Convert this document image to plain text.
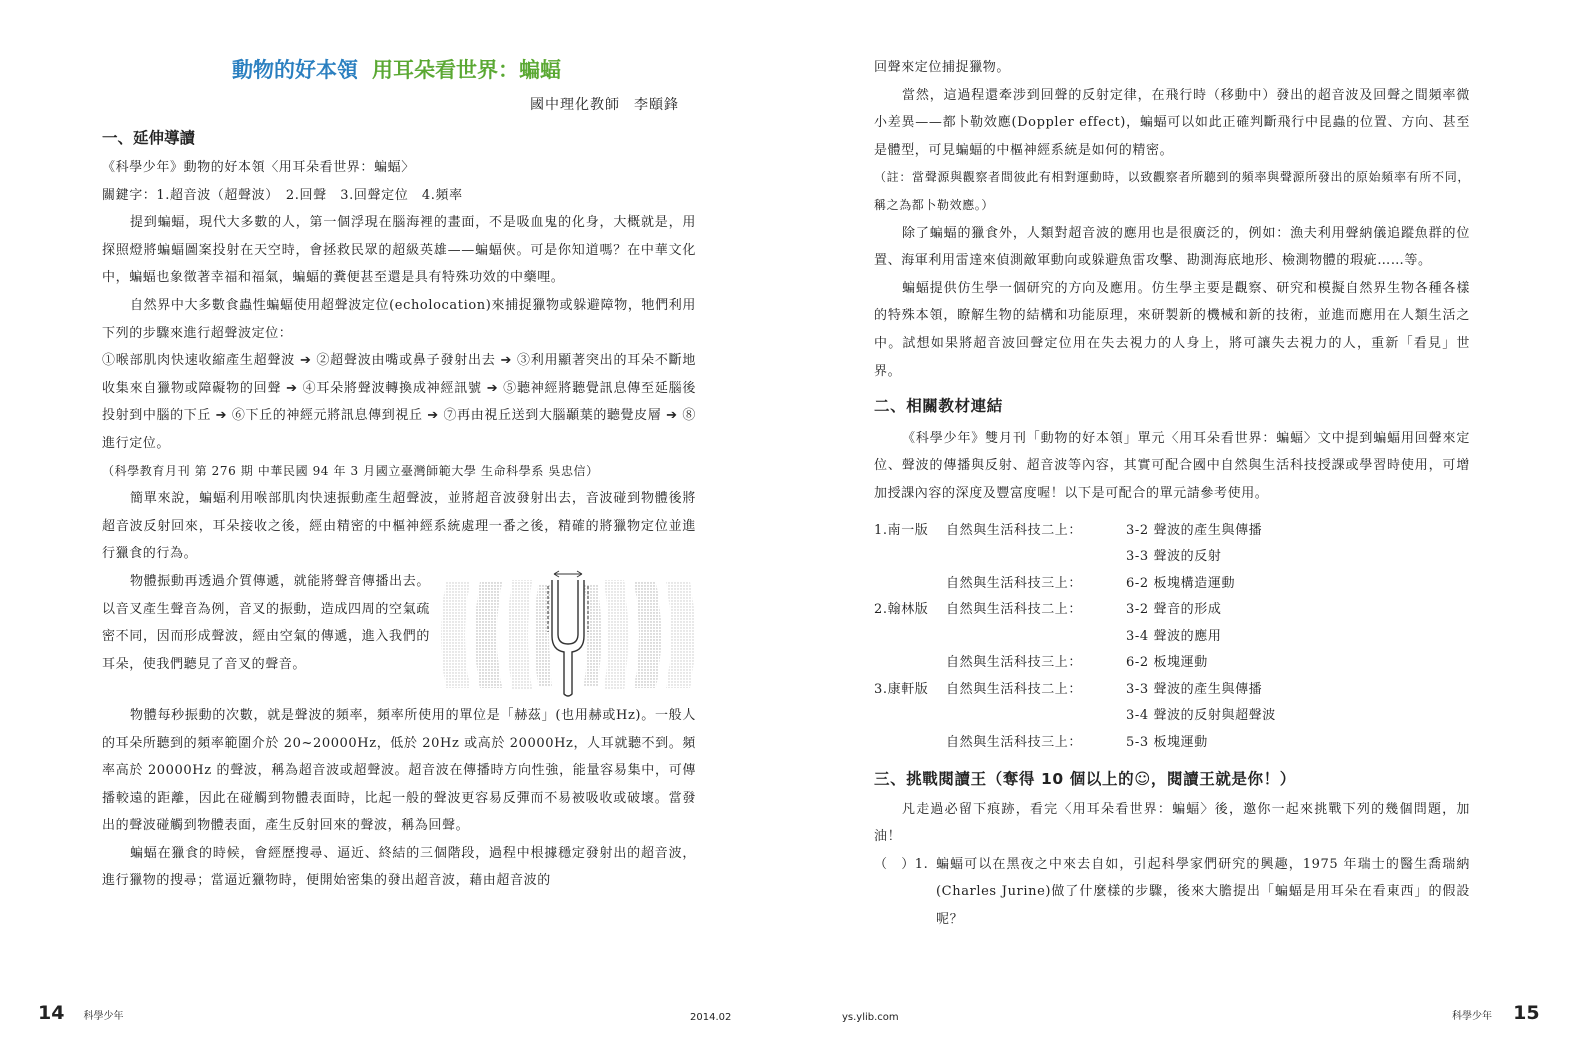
動物的好本領 用耳朵看世界：蝙蝠
國中理化教師 李頤鋒
一、延伸導讀

《科學少年》動物的好本領〈用耳朵看世界：蝙蝠〉

關鍵字：1.超音波（超聲波）　2.回聲　3.回聲定位　4.頻率

提到蝙蝠，現代大多數的人，第一個浮現在腦海裡的畫面，不是吸血鬼的化身，大概就是，用探照燈將蝙蝠圖案投射在天空時，會拯救民眾的超級英雄——蝙蝠俠。可是你知道嗎？在中華文化中，蝙蝠也象徵著幸福和福氣，蝙蝠的糞便甚至還是具有特殊功效的中藥哩。

自然界中大多數食蟲性蝙蝠使用超聲波定位(echolocation)來捕捉獵物或躲避障物，牠們利用下列的步驟來進行超聲波定位：

①喉部肌肉快速收縮產生超聲波 ➔ ②超聲波由嘴或鼻子發射出去 ➔ ③利用顯著突出的耳朵不斷地收集來自獵物或障礙物的回聲 ➔ ④耳朵將聲波轉換成神經訊號 ➔ ⑤聽神經將聽覺訊息傳至延腦後投射到中腦的下丘 ➔ ⑥下丘的神經元將訊息傳到視丘 ➔ ⑦再由視丘送到大腦顳葉的聽覺皮層 ➔ ⑧進行定位。

（科學教育月刊 第 276 期 中華民國 94 年 3 月國立臺灣師範大學 生命科學系 吳忠信）

簡單來說，蝙蝠利用喉部肌肉快速振動產生超聲波，並將超音波發射出去，音波碰到物體後將超音波反射回來，耳朵接收之後，經由精密的中樞神經系統處理一番之後，精確的將獵物定位並進行獵食的行為。

物體振動再透過介質傳遞，就能將聲音傳播出去。以音叉產生聲音為例，音叉的振動，造成四周的空氣疏密不同，因而形成聲波，經由空氣的傳遞，進入我們的耳朵，使我們聽見了音叉的聲音。

物體每秒振動的次數，就是聲波的頻率，頻率所使用的單位是「赫茲」(也用赫或Hz)。一般人的耳朵所聽到的頻率範圍介於 20~20000Hz，低於 20Hz 或高於 20000Hz，人耳就聽不到。頻率高於 20000Hz 的聲波，稱為超音波或超聲波。超音波在傳播時方向性強，能量容易集中，可傳播較遠的距離，因此在碰觸到物體表面時，比起一般的聲波更容易反彈而不易被吸收或破壞。當發出的聲波碰觸到物體表面，產生反射回來的聲波，稱為回聲。

蝙蝠在獵食的時候，會經歷搜尋、逼近、終結的三個階段，過程中根據穩定發射出的超音波，進行獵物的搜尋；當逼近獵物時，便開始密集的發出超音波，藉由超音波的

14 科學少年	2014.02

回聲來定位捕捉獵物。

當然，這過程還牽涉到回聲的反射定律，在飛行時（移動中）發出的超音波及回聲之間頻率微小差異——都卜勒效應(Doppler effect)，蝙蝠可以如此正確判斷飛行中昆蟲的位置、方向、甚至是體型，可見蝙蝠的中樞神經系統是如何的精密。

（註：當聲源與觀察者間彼此有相對運動時，以致觀察者所聽到的頻率與聲源所發出的原始頻率有所不同，稱之為都卜勒效應。）

除了蝙蝠的獵食外，人類對超音波的應用也是很廣泛的，例如：漁夫利用聲納儀追蹤魚群的位置、海軍利用雷達來偵測敵軍動向或躲避魚雷攻擊、勘測海底地形、檢測物體的瑕疵……等。

蝙蝠提供仿生學一個研究的方向及應用。仿生學主要是觀察、研究和模擬自然界生物各種各樣的特殊本領，瞭解生物的結構和功能原理，來研製新的機械和新的技術，並進而應用在人類生活之中。試想如果將超音波回聲定位用在失去視力的人身上，將可讓失去視力的人，重新「看見」世界。

二、相關教材連結

《科學少年》雙月刊「動物的好本領」單元〈用耳朵看世界：蝙蝠〉文中提到蝙蝠用回聲來定位、聲波的傳播與反射、超音波等內容，其實可配合國中自然與生活科技授課或學習時使用，可增加授課內容的深度及豐富度喔！以下是可配合的單元請參考使用。

1.南一版	自然與生活科技二上：	3-2 聲波的產生與傳播
3-3 聲波的反射
自然與生活科技三上：	6-2 板塊構造運動
2.翰林版	自然與生活科技二上：	3-2 聲音的形成
3-4 聲波的應用
自然與生活科技三上：	6-2 板塊運動
3.康軒版	自然與生活科技二上：	3-3 聲波的產生與傳播
3-4 聲波的反射與超聲波
自然與生活科技三上：	5-3 板塊運動
三、挑戰閱讀王（奪得 10 個以上的☺，閱讀王就是你！）

凡走過必留下痕跡，看完〈用耳朵看世界：蝙蝠〉後，邀你一起來挑戰下列的幾個問題，加油！

（　）1. 蝙蝠可以在黑夜之中來去自如，引起科學家們研究的興趣，1975 年瑞士的醫生喬瑞納(Charles Jurine)做了什麼樣的步驟，後來大膽提出「蝙蝠是用耳朵在看東西」的假設呢？
ys.ylib.com	科學少年 15
